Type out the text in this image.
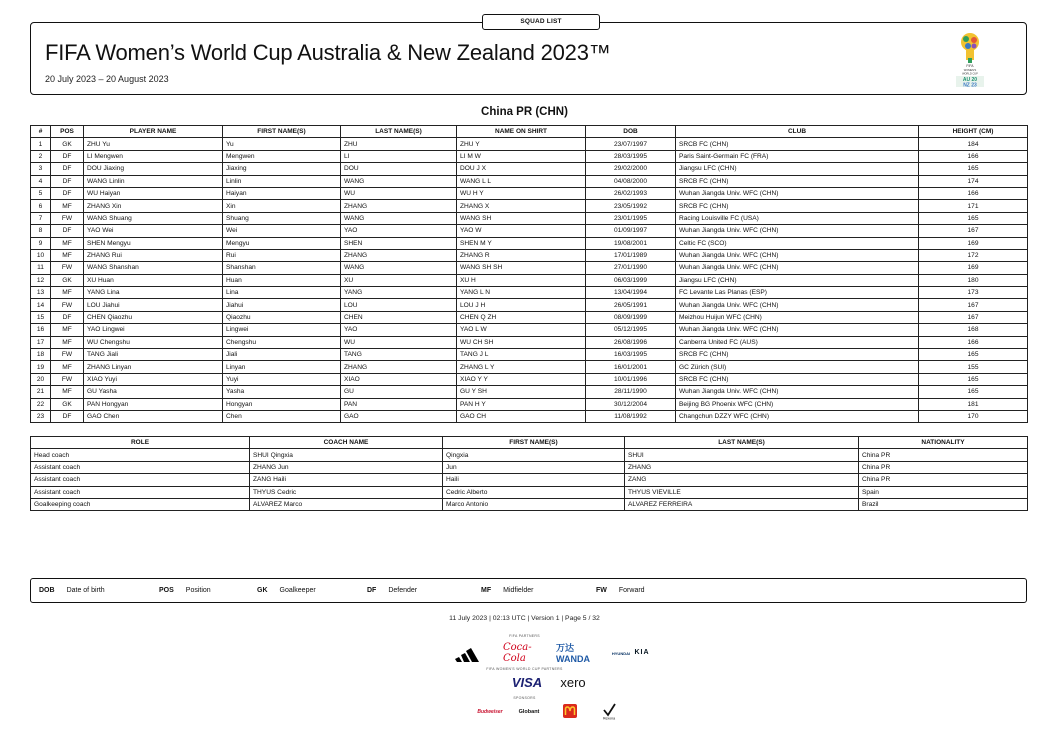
SQUAD LIST
FIFA Women’s World Cup Australia & New Zealand 2023™
20 July 2023 – 20 August 2023
FIFA
WOMEN'S
WORLD CUP
AU 20
NZ 23
China PR (CHN)
#	POS	PLAYER NAME	FIRST NAME(S)	LAST NAME(S)	NAME ON SHIRT	DOB	CLUB	HEIGHT (CM)
1	GK	ZHU Yu	Yu	ZHU	ZHU Y	23/07/1997	SRCB FC (CHN)	184
2	DF	LI Mengwen	Mengwen	LI	LI M W	28/03/1995	Paris Saint-Germain FC (FRA)	166
3	DF	DOU Jiaxing	Jiaxing	DOU	DOU J X	29/02/2000	Jiangsu LFC (CHN)	165
4	DF	WANG Linlin	Linlin	WANG	WANG L L	04/08/2000	SRCB FC (CHN)	174
5	DF	WU Haiyan	Haiyan	WU	WU H Y	26/02/1993	Wuhan Jiangda Univ. WFC (CHN)	166
6	MF	ZHANG Xin	Xin	ZHANG	ZHANG X	23/05/1992	SRCB FC (CHN)	171
7	FW	WANG Shuang	Shuang	WANG	WANG SH	23/01/1995	Racing Louisville FC (USA)	165
8	DF	YAO Wei	Wei	YAO	YAO W	01/09/1997	Wuhan Jiangda Univ. WFC (CHN)	167
9	MF	SHEN Mengyu	Mengyu	SHEN	SHEN M Y	19/08/2001	Celtic FC (SCO)	169
10	MF	ZHANG Rui	Rui	ZHANG	ZHANG R	17/01/1989	Wuhan Jiangda Univ. WFC (CHN)	172
11	FW	WANG Shanshan	Shanshan	WANG	WANG SH SH	27/01/1990	Wuhan Jiangda Univ. WFC (CHN)	169
12	GK	XU Huan	Huan	XU	XU H	06/03/1999	Jiangsu LFC (CHN)	180
13	MF	YANG Lina	Lina	YANG	YANG L N	13/04/1994	FC Levante Las Planas (ESP)	173
14	FW	LOU Jiahui	Jiahui	LOU	LOU J H	26/05/1991	Wuhan Jiangda Univ. WFC (CHN)	167
15	DF	CHEN Qiaozhu	Qiaozhu	CHEN	CHEN Q ZH	08/09/1999	Meizhou Huijun WFC (CHN)	167
16	MF	YAO Lingwei	Lingwei	YAO	YAO L W	05/12/1995	Wuhan Jiangda Univ. WFC (CHN)	168
17	MF	WU Chengshu	Chengshu	WU	WU CH SH	26/08/1996	Canberra United FC (AUS)	166
18	FW	TANG Jiali	Jiali	TANG	TANG J L	16/03/1995	SRCB FC (CHN)	165
19	MF	ZHANG Linyan	Linyan	ZHANG	ZHANG L Y	16/01/2001	GC Zürich (SUI)	155
20	FW	XIAO Yuyi	Yuyi	XIAO	XIAO Y Y	10/01/1996	SRCB FC (CHN)	165
21	MF	GU Yasha	Yasha	GU	GU Y SH	28/11/1990	Wuhan Jiangda Univ. WFC (CHN)	165
22	GK	PAN Hongyan	Hongyan	PAN	PAN H Y	30/12/2004	Beijing BG Phoenix WFC (CHN)	181
23	DF	GAO Chen	Chen	GAO	GAO CH	11/08/1992	Changchun DZZY WFC (CHN)	170
ROLE	COACH NAME	FIRST NAME(S)	LAST NAME(S)	NATIONALITY
Head coach	SHUI Qingxia	Qingxia	SHUI	China PR
Assistant coach	ZHANG Jun	Jun	ZHANG	China PR
Assistant coach	ZANG Haili	Haili	ZANG	China PR
Assistant coach	THYUS Cedric	Cedric Alberto	THYUS VIEVILLE	Spain
Goalkeeping coach	ALVAREZ Marco	Marco Antonio	ALVAREZ FERREIRA	Brazil
DOB Date of birth	POS Position	GK Goalkeeper	DF Defender	MF Midfielder	FW Forward
11 July 2023 | 02:13 UTC | Version 1 | Page 5 / 32
FIFA PARTNERS
Coca-Cola
万达 WANDA
HYUNDAI KIA
FIFA WOMEN'S WORLD CUP PARTNERS
VISA	xero
SPONSORS
Budweiser	Globant
Rexona
